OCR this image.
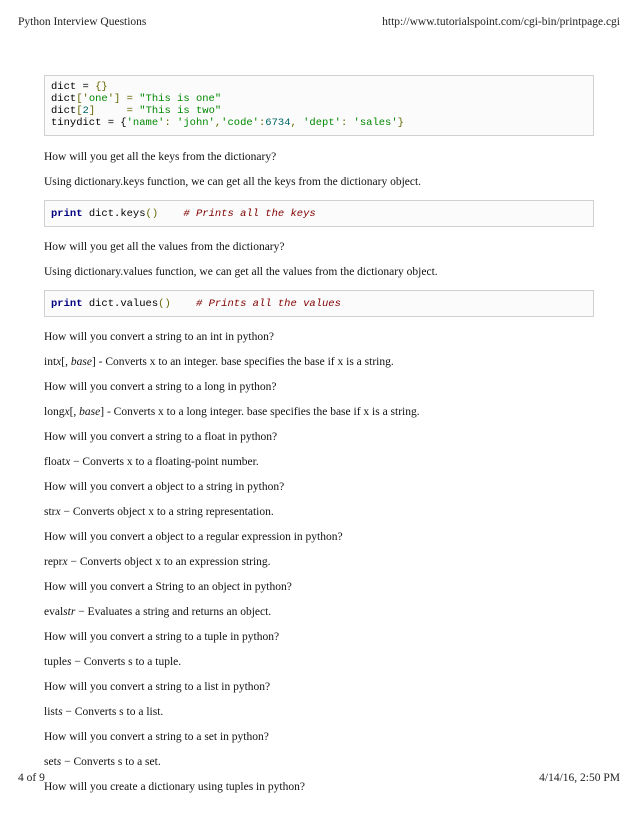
Python Interview Questions	http://www.tutorialspoint.com/cgi-bin/printpage.cgi
dict = {}
dict['one'] = "This is one"
dict[2]     = "This is two"
tinydict = {'name': 'john','code':6734, 'dept': 'sales'}
How will you get all the keys from the dictionary?
Using dictionary.keys function, we can get all the keys from the dictionary object.
print dict.keys() # Prints all the keys
How will you get all the values from the dictionary?
Using dictionary.values function, we can get all the values from the dictionary object.
print dict.values() # Prints all the values
How will you convert a string to an int in python?
intx[, base] - Converts x to an integer. base specifies the base if x is a string.
How will you convert a string to a long in python?
longx[, base] - Converts x to a long integer. base specifies the base if x is a string.
How will you convert a string to a float in python?
floatx − Converts x to a floating-point number.
How will you convert a object to a string in python?
strx − Converts object x to a string representation.
How will you convert a object to a regular expression in python?
reprx − Converts object x to an expression string.
How will you convert a String to an object in python?
evalstr − Evaluates a string and returns an object.
How will you convert a string to a tuple in python?
tuples − Converts s to a tuple.
How will you convert a string to a list in python?
lists − Converts s to a list.
How will you convert a string to a set in python?
sets − Converts s to a set.
How will you create a dictionary using tuples in python?
4 of 9	4/14/16, 2:50 PM
